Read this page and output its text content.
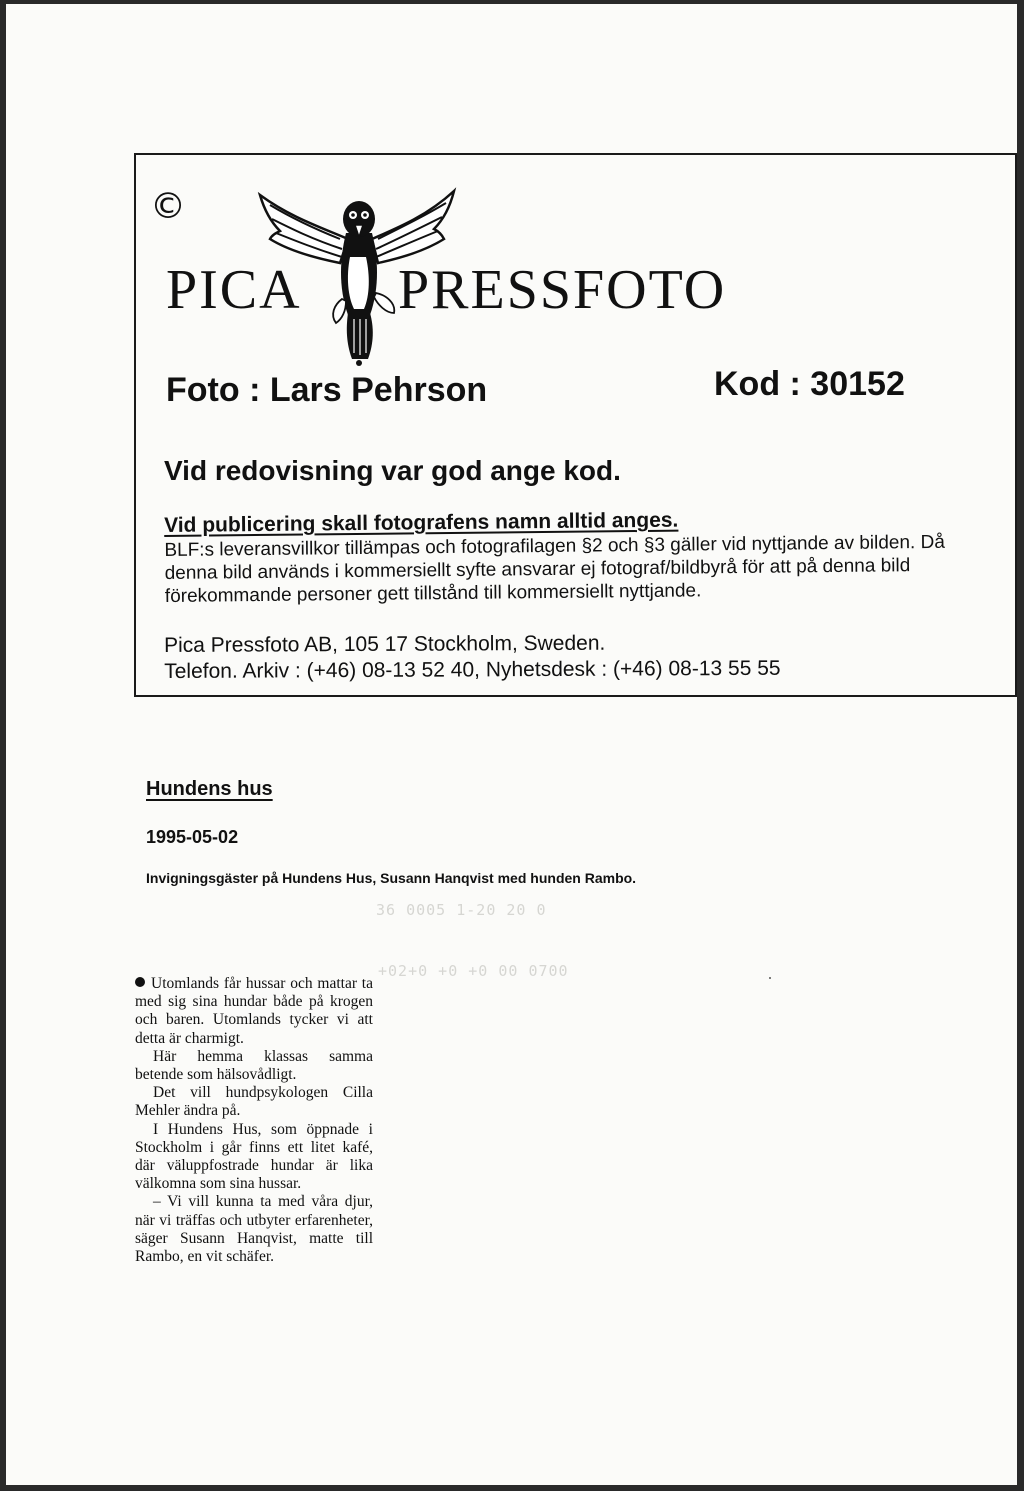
©
PICA PRESSFOTO
Foto : Lars Pehrson	Kod : 30152
Vid redovisning var god ange kod.
Vid publicering skall fotografens namn alltid anges.
BLF:s leveransvillkor tillämpas och fotografilagen §2 och §3 gäller vid nyttjande av bilden. Då denna bild används i kommersiellt syfte ansvarar ej fotograf/bildbyrå för att på denna bild förekommande personer gett tillstånd till kommersiellt nyttjande.
Pica Pressfoto AB, 105 17 Stockholm, Sweden.
Telefon. Arkiv : (+46) 08-13 52 40, Nyhetsdesk : (+46) 08-13 55 55
Hundens hus
1995-05-02
Invigningsgäster på Hundens Hus, Susann Hanqvist med hunden Rambo.
36 0005 1-20 20 0
+02+0 +0 +0 00 0700

Utomlands får hussar och mattar ta med sig sina hundar både på krogen och baren. Utomlands tycker vi att detta är charmigt.

Här hemma klassas samma betende som hälsovådligt.

Det vill hundpsykologen Cilla Mehler ändra på.

I Hundens Hus, som öppnade i Stockholm i går finns ett litet kafé, där väluppfostrade hundar är lika välkomna som sina hussar.

– Vi vill kunna ta med våra djur, när vi träffas och utbyter erfarenheter, säger Susann Hanqvist, matte till Rambo, en vit schäfer.
